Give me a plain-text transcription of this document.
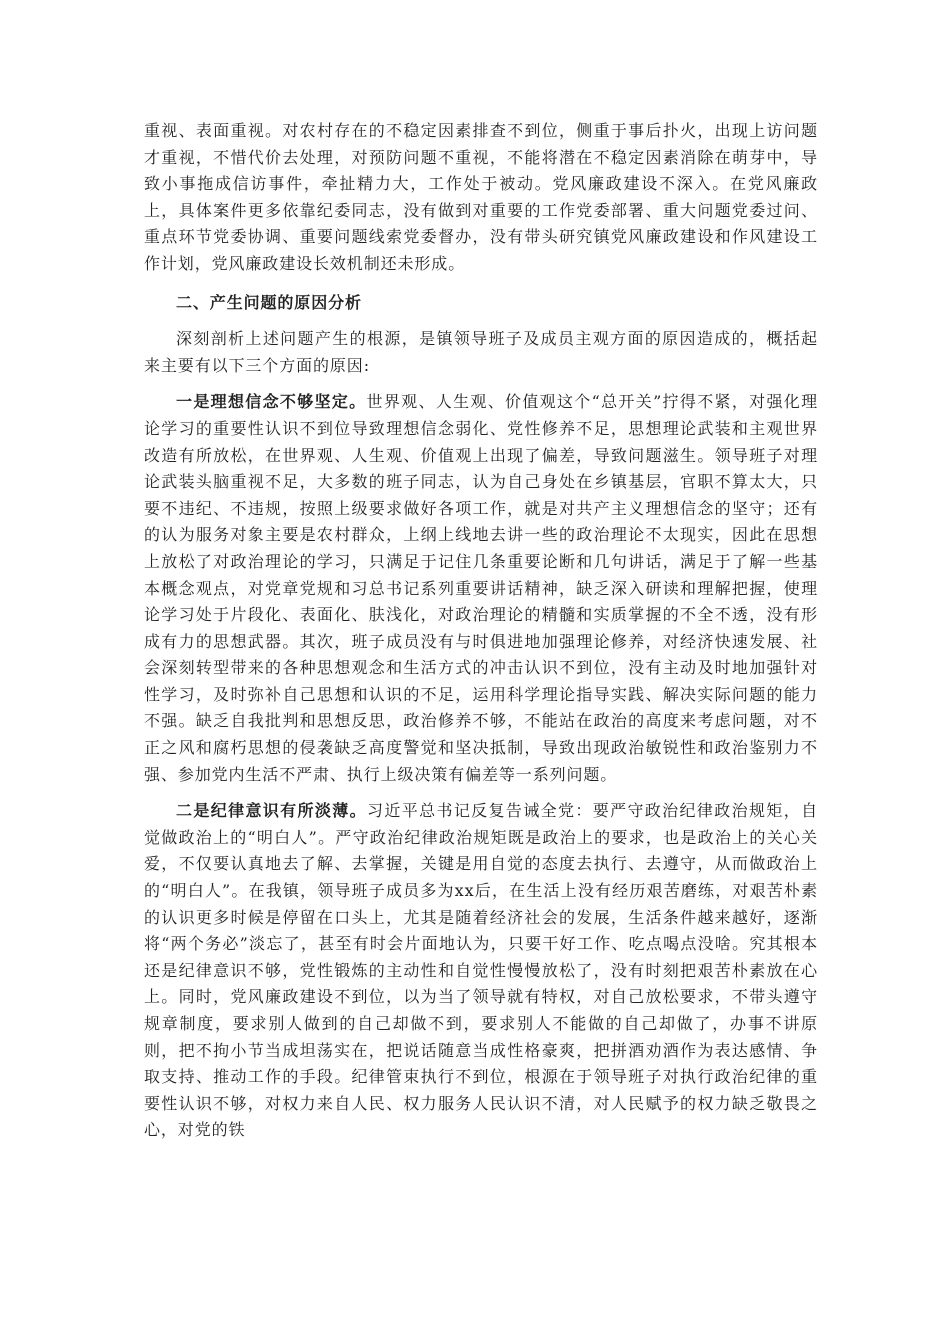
重视、表面重视。对农村存在的不稳定因素排查不到位，侧重于事后扑火，出现上访问题才重视，不惜代价去处理，对预防问题不重视，不能将潜在不稳定因素消除在萌芽中，导致小事拖成信访事件，牵扯精力大，工作处于被动。党风廉政建设不深入。在党风廉政上，具体案件更多依靠纪委同志，没有做到对重要的工作党委部署、重大问题党委过问、重点环节党委协调、重要问题线索党委督办，没有带头研究镇党风廉政建设和作风建设工作计划，党风廉政建设长效机制还未形成。

二、产生问题的原因分析

深刻剖析上述问题产生的根源，是镇领导班子及成员主观方面的原因造成的，概括起来主要有以下三个方面的原因:

一是理想信念不够坚定。世界观、人生观、价值观这个“总开关”拧得不紧，对强化理论学习的重要性认识不到位导致理想信念弱化、党性修养不足，思想理论武装和主观世界改造有所放松，在世界观、人生观、价值观上出现了偏差，导致问题滋生。领导班子对理论武装头脑重视不足，大多数的班子同志，认为自己身处在乡镇基层，官职不算太大，只要不违纪、不违规，按照上级要求做好各项工作，就是对共产主义理想信念的坚守；还有的认为服务对象主要是农村群众，上纲上线地去讲一些的政治理论不太现实，因此在思想上放松了对政治理论的学习，只满足于记住几条重要论断和几句讲话，满足于了解一些基本概念观点，对党章党规和习总书记系列重要讲话精神，缺乏深入研读和理解把握，使理论学习处于片段化、表面化、肤浅化，对政治理论的精髓和实质掌握的不全不透，没有形成有力的思想武器。其次，班子成员没有与时俱进地加强理论修养，对经济快速发展、社会深刻转型带来的各种思想观念和生活方式的冲击认识不到位，没有主动及时地加强针对性学习，及时弥补自己思想和认识的不足，运用科学理论指导实践、解决实际问题的能力不强。缺乏自我批判和思想反思，政治修养不够，不能站在政治的高度来考虑问题，对不正之风和腐朽思想的侵袭缺乏高度警觉和坚决抵制，导致出现政治敏锐性和政治鉴别力不强、参加党内生活不严肃、执行上级决策有偏差等一系列问题。

二是纪律意识有所淡薄。习近平总书记反复告诫全党：要严守政治纪律政治规矩，自觉做政治上的“明白人”。严守政治纪律政治规矩既是政治上的要求，也是政治上的关心关爱，不仅要认真地去了解、去掌握，关键是用自觉的态度去执行、去遵守，从而做政治上的“明白人”。在我镇，领导班子成员多为xx后，在生活上没有经历艰苦磨练，对艰苦朴素的认识更多时候是停留在口头上，尤其是随着经济社会的发展，生活条件越来越好，逐渐将“两个务必”淡忘了，甚至有时会片面地认为，只要干好工作、吃点喝点没啥。究其根本还是纪律意识不够，党性锻炼的主动性和自觉性慢慢放松了，没有时刻把艰苦朴素放在心上。同时，党风廉政建设不到位，以为当了领导就有特权，对自己放松要求，不带头遵守规章制度，要求别人做到的自己却做不到，要求别人不能做的自己却做了，办事不讲原则，把不拘小节当成坦荡实在，把说话随意当成性格豪爽，把拼酒劝酒作为表达感情、争取支持、推动工作的手段。纪律管束执行不到位，根源在于领导班子对执行政治纪律的重要性认识不够，对权力来自人民、权力服务人民认识不清，对人民赋予的权力缺乏敬畏之心，对党的铁
